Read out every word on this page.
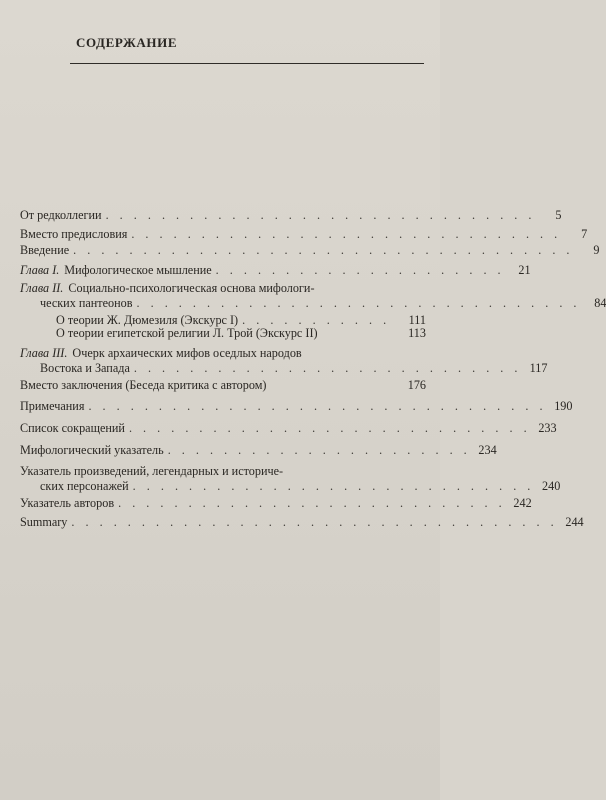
СОДЕРЖАНИЕ
От редколлегии . . . . . . . . . . . . . . . . . . . . . . . . . . . . . . .	5
Вместо предисловия . . . . . . . . . . . . . . . . . . . . . . . . . . . . . . .	7
Введение . . . . . . . . . . . . . . . . . . . . . . . . . . . . . . . . . . . .	9
Глава I. Мифологическое мышление . . . . . . . . . . . . . . . . . . . . .	21
Глава II. Социально-психологическая основа мифологи-
ческих пантеонов . . . . . . . . . . . . . . . . . . . . . . . . . . . . . . . .	84
О теории Ж. Дюмезиля (Экскурс I) . . . . . . . . . . .	111
О теории египетской религии Л. Трой (Экскурс II)	113
Глава III. Очерк архаических мифов оседлых народов
Востока и Запада . . . . . . . . . . . . . . . . . . . . . . . . . . . . 117
Вместо заключения (Беседа критика с автором)	176
Примечания . . . . . . . . . . . . . . . . . . . . . . . . . . . . . . . . . 190
Список сокращений . . . . . . . . . . . . . . . . . . . . . . . . . . . . . 233
Мифологический указатель . . . . . . . . . . . . . . . . . . . . . . 234
Указатель произведений, легендарных и историче-
ских персонажей . . . . . . . . . . . . . . . . . . . . . . . . . . . . . 240
Указатель авторов . . . . . . . . . . . . . . . . . . . . . . . . . . . . 242
Summary . . . . . . . . . . . . . . . . . . . . . . . . . . . . . . . . . . . 244
